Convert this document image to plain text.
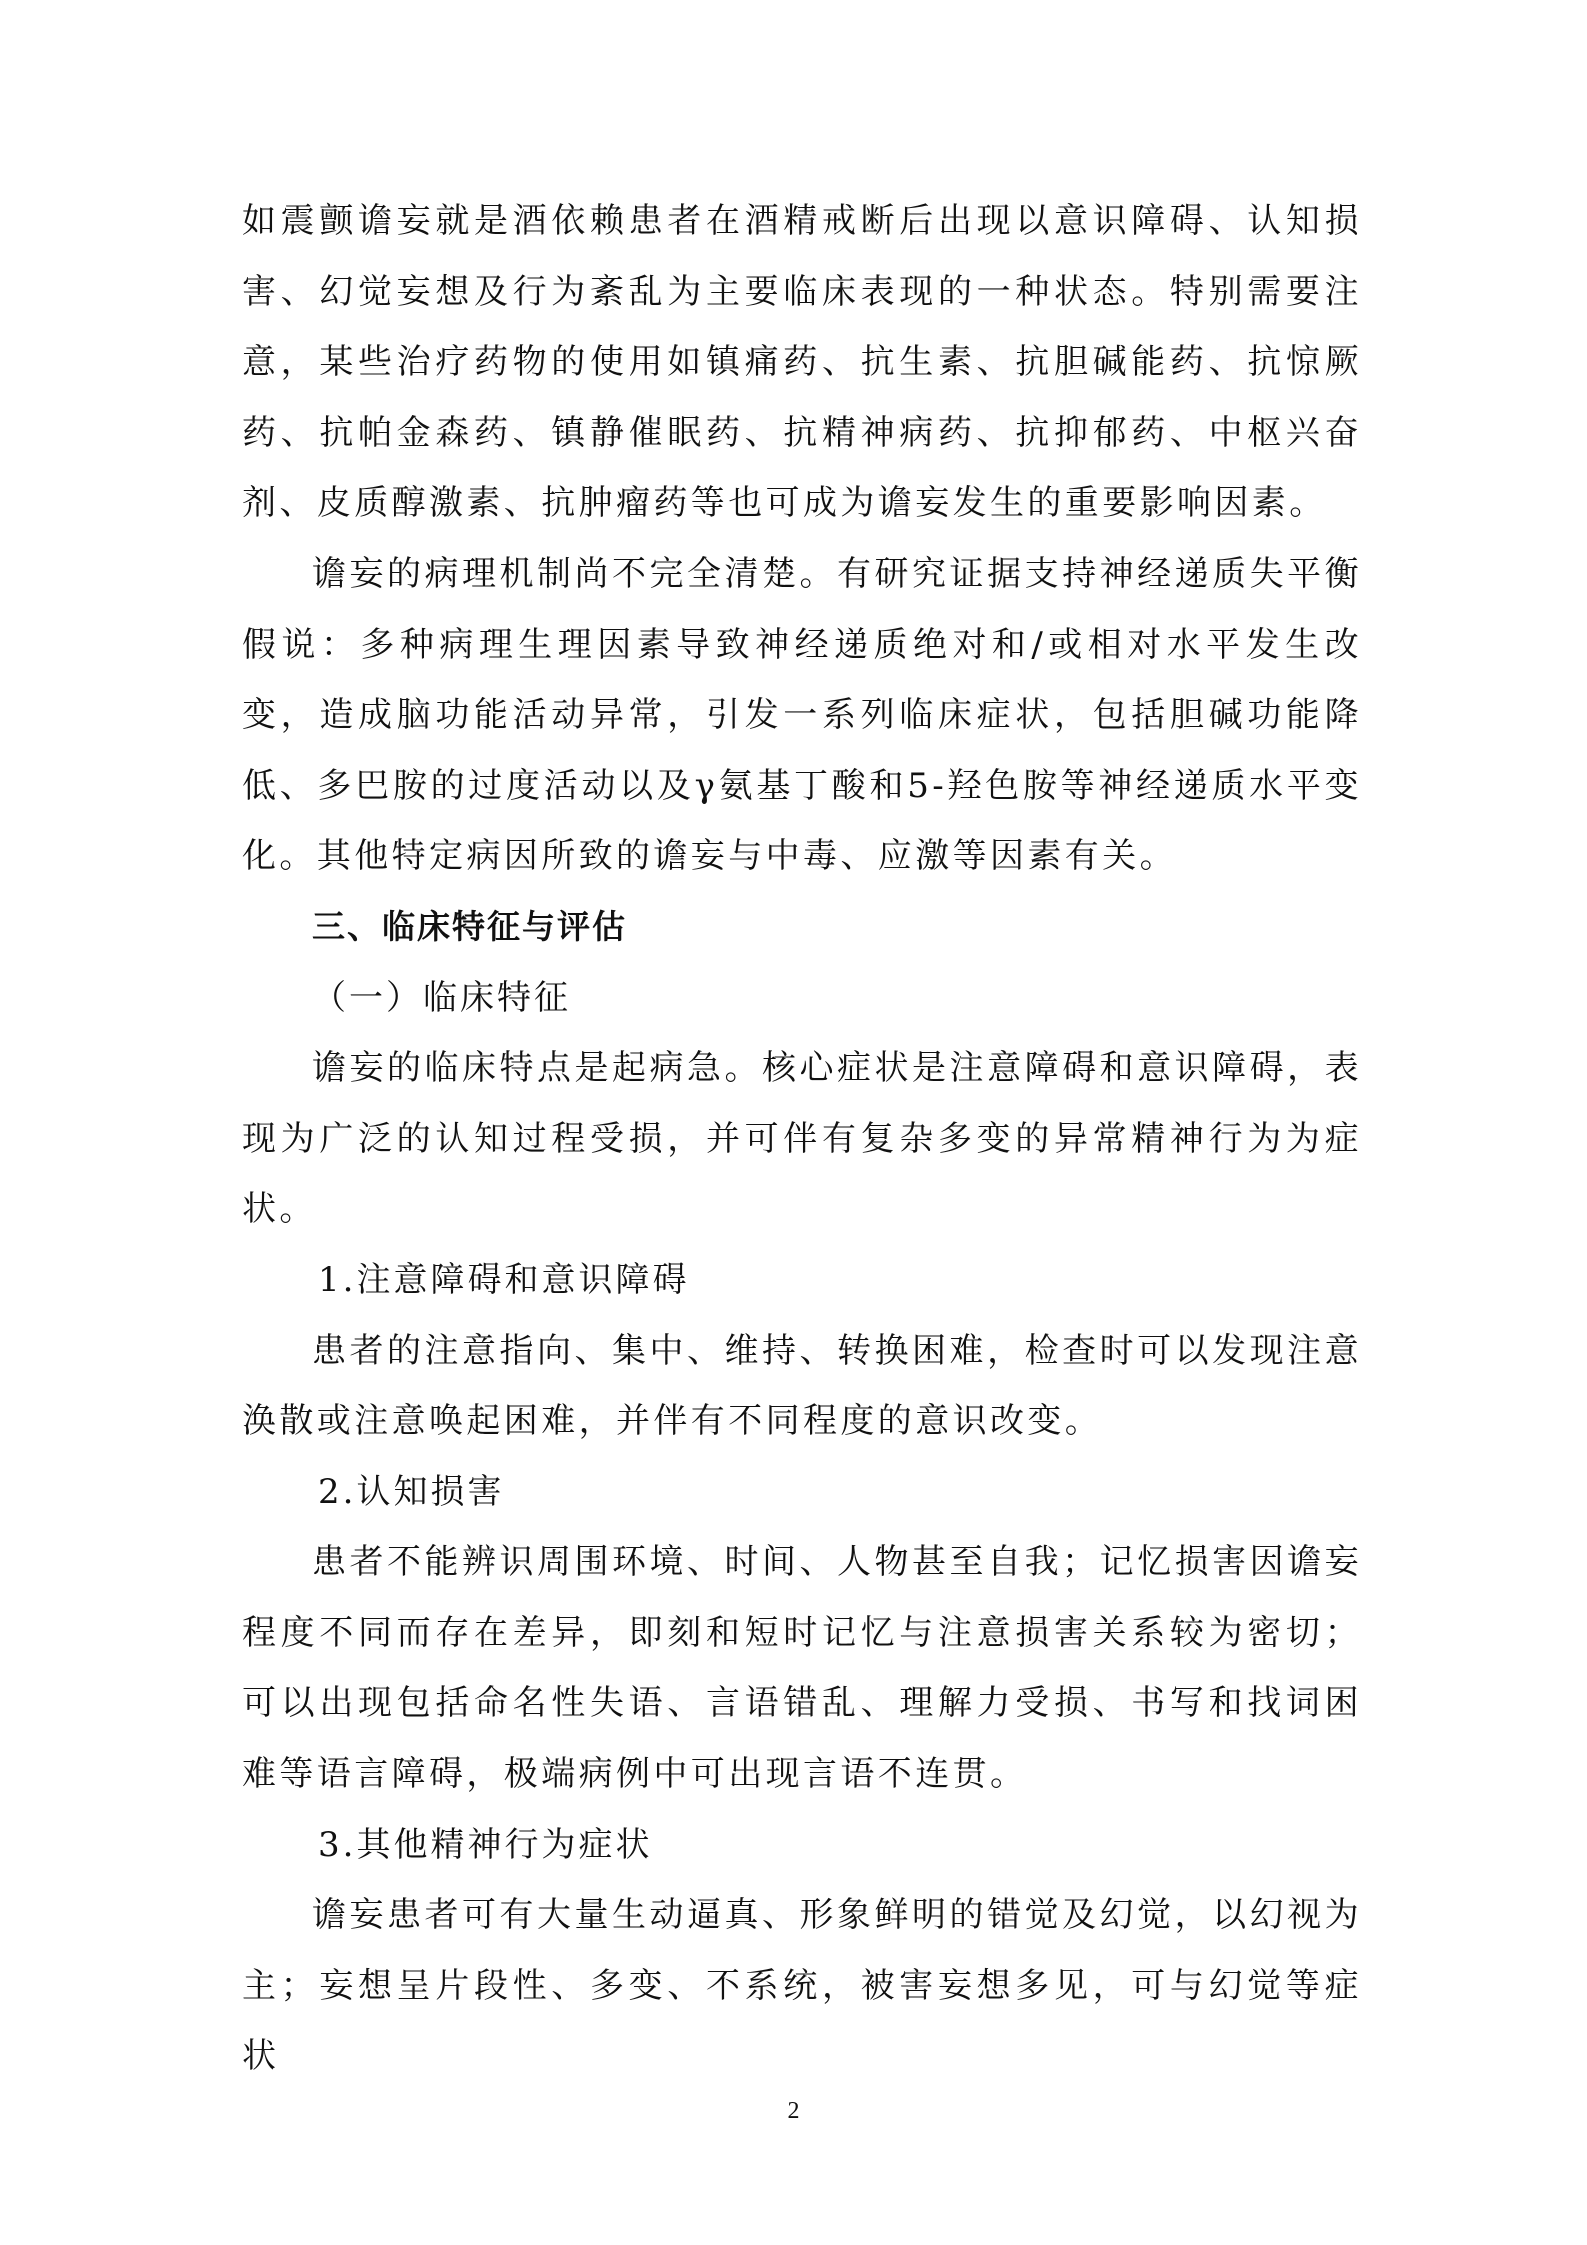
如震颤谵妄就是酒依赖患者在酒精戒断后出现以意识障碍、认知损害、幻觉妄想及行为紊乱为主要临床表现的一种状态。特别需要注意，某些治疗药物的使用如镇痛药、抗生素、抗胆碱能药、抗惊厥药、抗帕金森药、镇静催眠药、抗精神病药、抗抑郁药、中枢兴奋剂、皮质醇激素、抗肿瘤药等也可成为谵妄发生的重要影响因素。

谵妄的病理机制尚不完全清楚。有研究证据支持神经递质失平衡假说：多种病理生理因素导致神经递质绝对和/或相对水平发生改变，造成脑功能活动异常，引发一系列临床症状，包括胆碱功能降低、多巴胺的过度活动以及γ氨基丁酸和5-羟色胺等神经递质水平变化。其他特定病因所致的谵妄与中毒、应激等因素有关。

三、临床特征与评估

（一）临床特征

谵妄的临床特点是起病急。核心症状是注意障碍和意识障碍，表现为广泛的认知过程受损，并可伴有复杂多变的异常精神行为为症状。

1.注意障碍和意识障碍

患者的注意指向、集中、维持、转换困难，检查时可以发现注意涣散或注意唤起困难，并伴有不同程度的意识改变。

2.认知损害

患者不能辨识周围环境、时间、人物甚至自我；记忆损害因谵妄程度不同而存在差异，即刻和短时记忆与注意损害关系较为密切；可以出现包括命名性失语、言语错乱、理解力受损、书写和找词困难等语言障碍，极端病例中可出现言语不连贯。

3.其他精神行为症状

谵妄患者可有大量生动逼真、形象鲜明的错觉及幻觉，以幻视为主；妄想呈片段性、多变、不系统，被害妄想多见，可与幻觉等症状

2
